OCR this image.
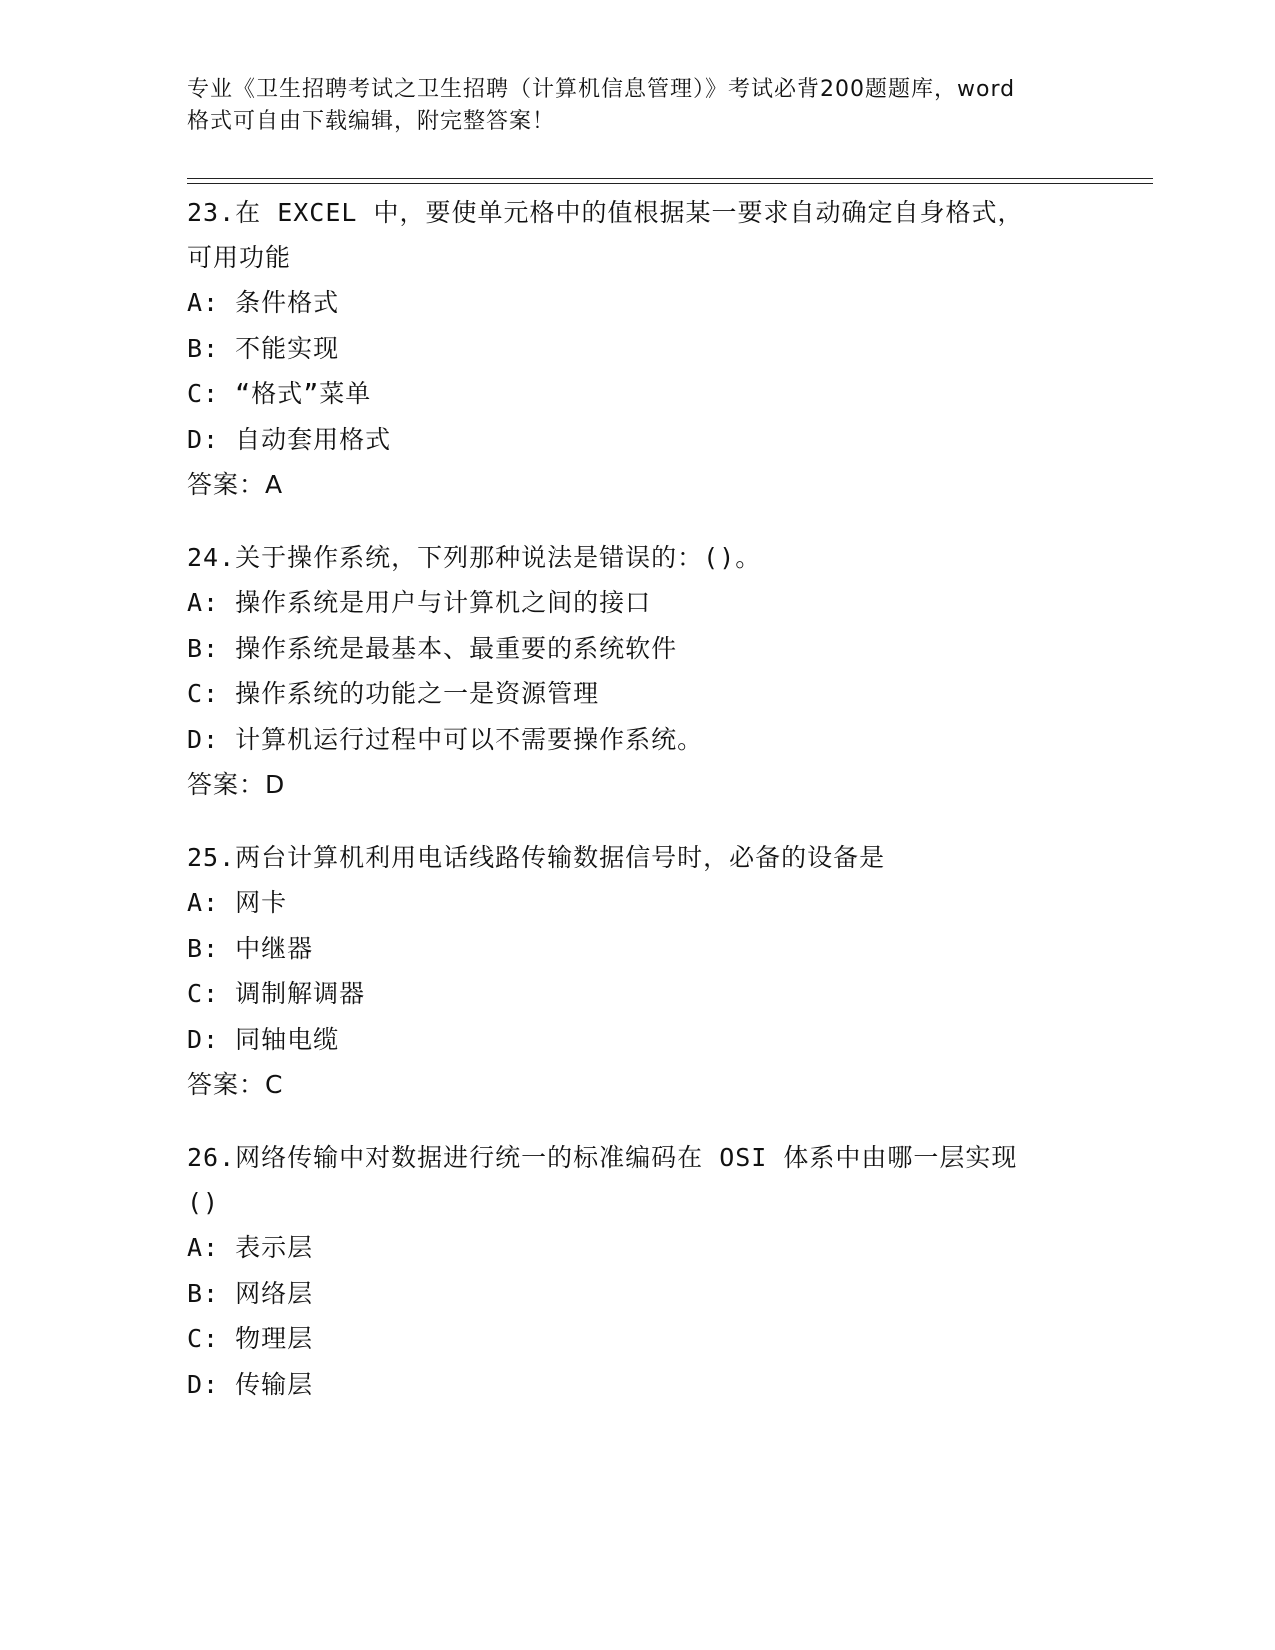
专业《卫生招聘考试之卫生招聘（计算机信息管理）》考试必背200题题库，word
格式可自由下载编辑，附完整答案！
23.在 EXCEL 中，要使单元格中的值根据某一要求自动确定自身格式，
可用功能
A: 条件格式
B: 不能实现
C: “格式”菜单
D: 自动套用格式
答案：A
24.关于操作系统，下列那种说法是错误的：()。
A: 操作系统是用户与计算机之间的接口
B: 操作系统是最基本、最重要的系统软件
C: 操作系统的功能之一是资源管理
D: 计算机运行过程中可以不需要操作系统。
答案：D
25.两台计算机利用电话线路传输数据信号时，必备的设备是
A: 网卡
B: 中继器
C: 调制解调器
D: 同轴电缆
答案：C
26.网络传输中对数据进行统一的标准编码在 OSI 体系中由哪一层实现
()
A: 表示层
B: 网络层
C: 物理层
D: 传输层
